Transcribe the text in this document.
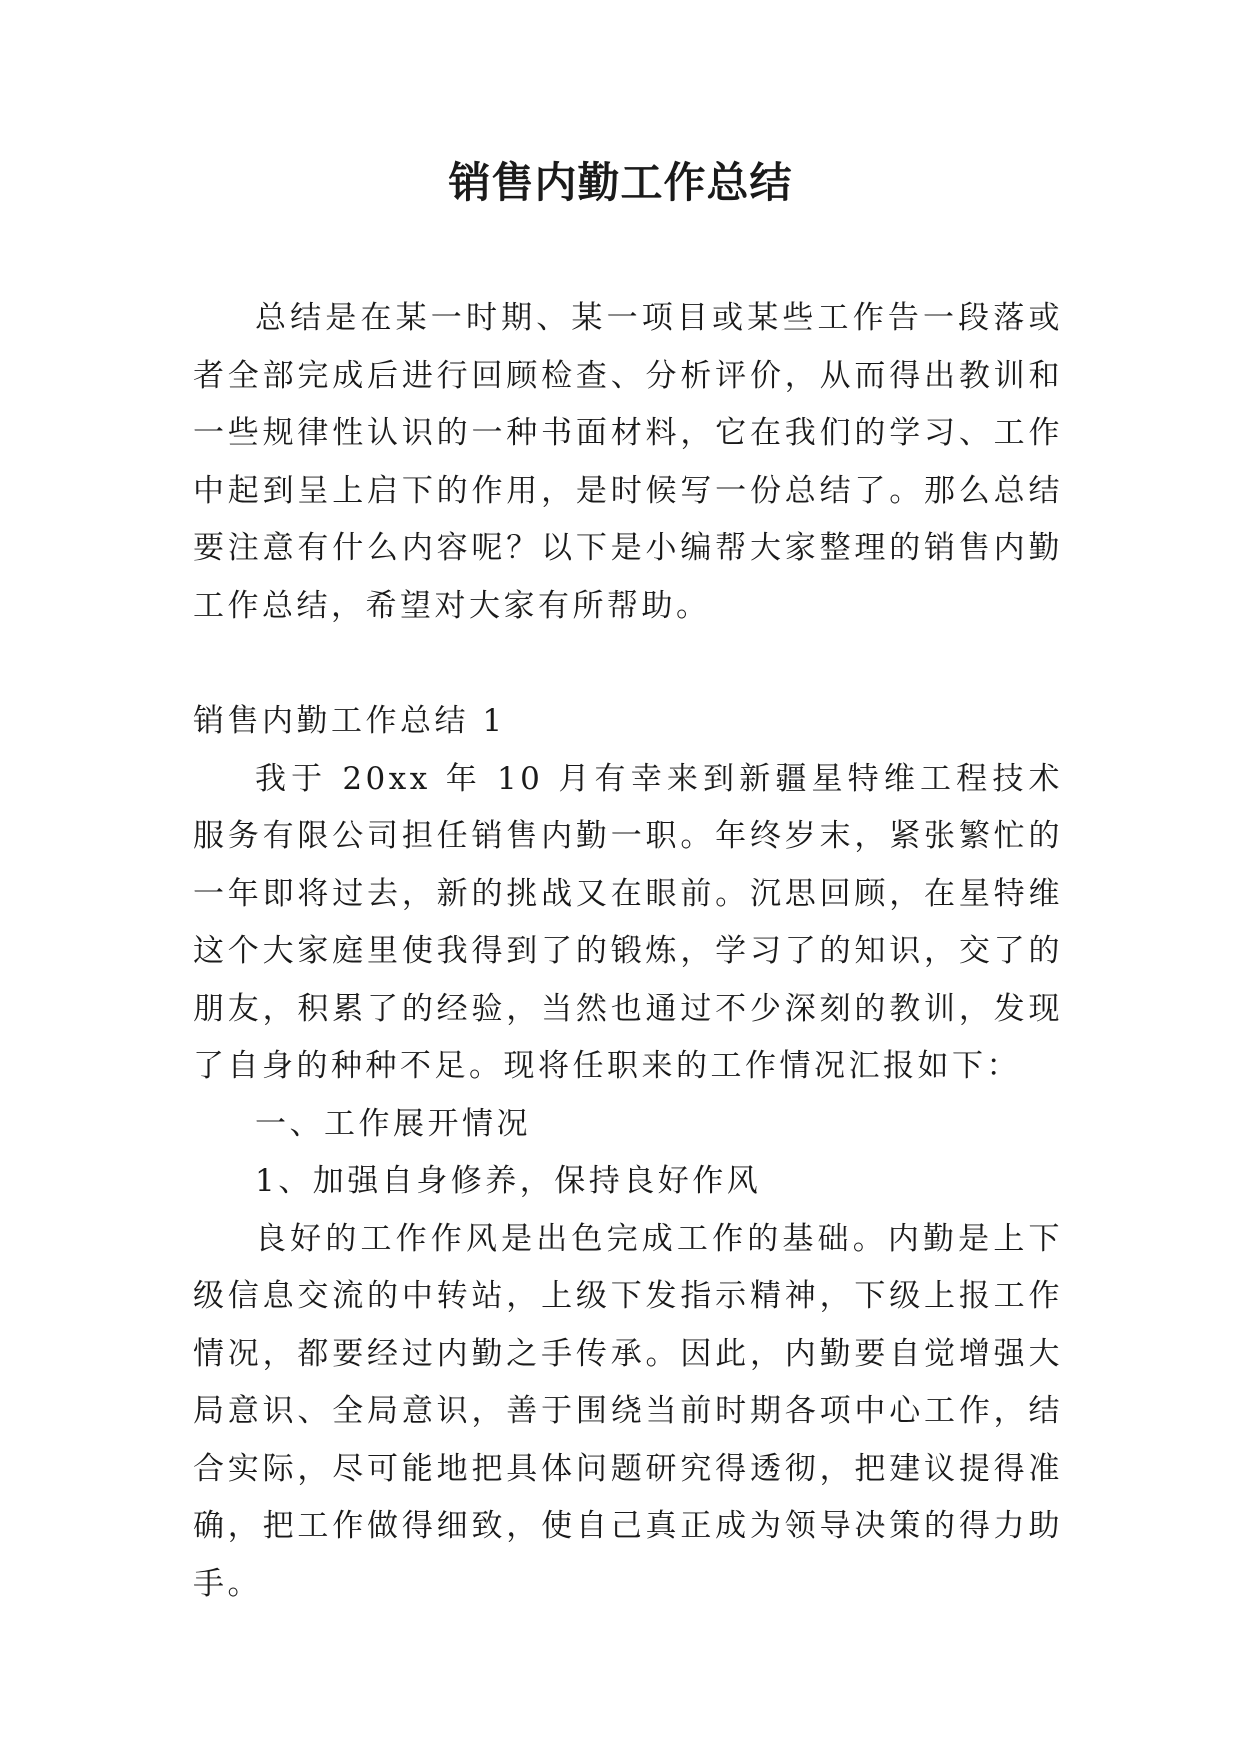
销售内勤工作总结

总结是在某一时期、某一项目或某些工作告一段落或者全部完成后进行回顾检查、分析评价，从而得出教训和一些规律性认识的一种书面材料，它在我们的学习、工作中起到呈上启下的作用，是时候写一份总结了。那么总结要注意有什么内容呢？以下是小编帮大家整理的销售内勤工作总结，希望对大家有所帮助。

销售内勤工作总结 1

我于 20xx 年 10 月有幸来到新疆星特维工程技术服务有限公司担任销售内勤一职。年终岁末，紧张繁忙的一年即将过去，新的挑战又在眼前。沉思回顾，在星特维这个大家庭里使我得到了的锻炼，学习了的知识，交了的朋友，积累了的经验，当然也通过不少深刻的教训，发现了自身的种种不足。现将任职来的工作情况汇报如下：

一、工作展开情况

1、加强自身修养，保持良好作风

良好的工作作风是出色完成工作的基础。内勤是上下级信息交流的中转站，上级下发指示精神，下级上报工作情况，都要经过内勤之手传承。因此，内勤要自觉增强大局意识、全局意识，善于围绕当前时期各项中心工作，结合实际，尽可能地把具体问题研究得透彻，把建议提得准确，把工作做得细致，使自己真正成为领导决策的得力助手。
